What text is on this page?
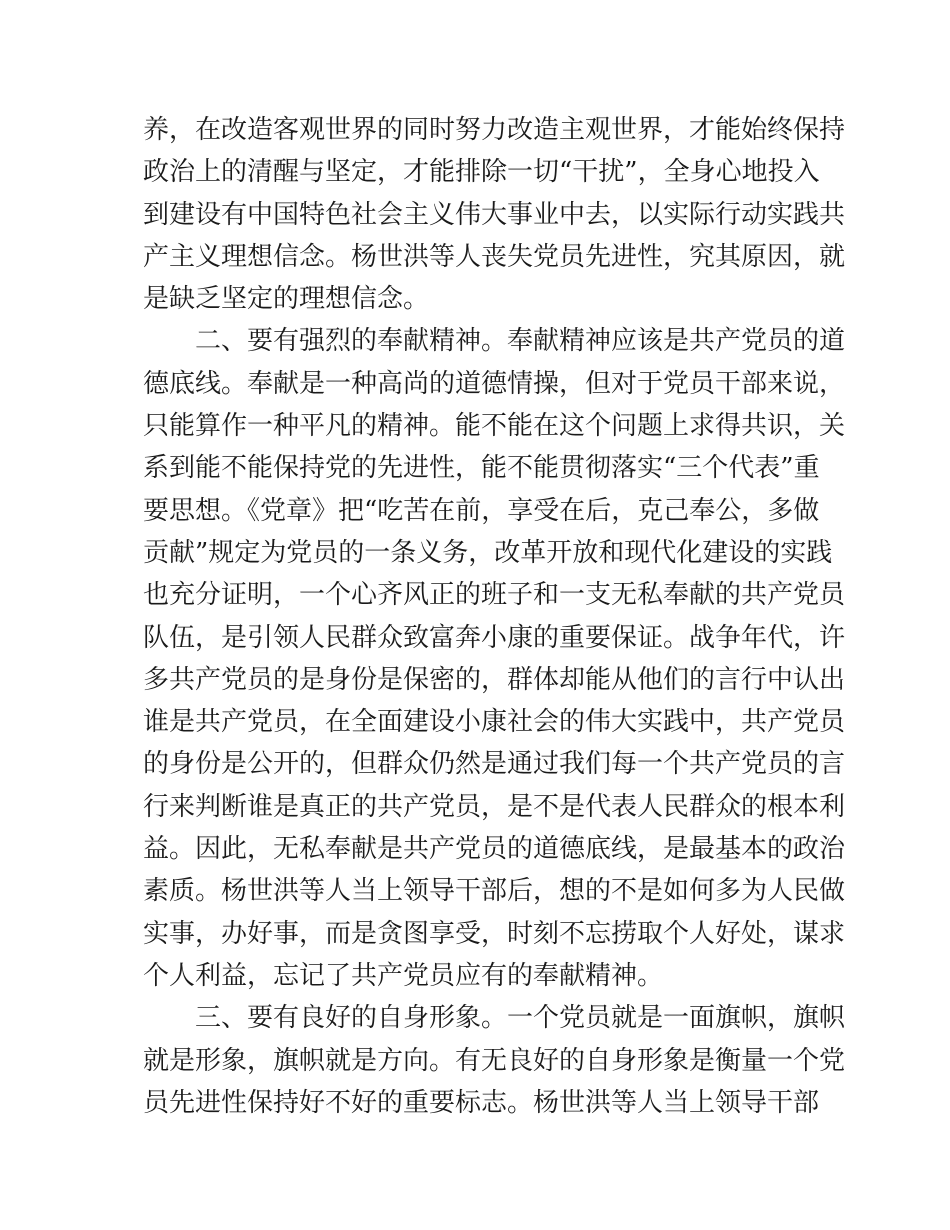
养，在改造客观世界的同时努力改造主观世界，才能始终保持
政治上的清醒与坚定，才能排除一切“干扰”，全身心地投入
到建设有中国特色社会主义伟大事业中去，以实际行动实践共
产主义理想信念。杨世洪等人丧失党员先进性，究其原因，就
是缺乏坚定的理想信念。
　　二、要有强烈的奉献精神。奉献精神应该是共产党员的道
德底线。奉献是一种高尚的道德情操，但对于党员干部来说，
只能算作一种平凡的精神。能不能在这个问题上求得共识，关
系到能不能保持党的先进性，能不能贯彻落实“三个代表”重
要思想。《党章》把“吃苦在前，享受在后，克己奉公，多做
贡献”规定为党员的一条义务，改革开放和现代化建设的实践
也充分证明，一个心齐风正的班子和一支无私奉献的共产党员
队伍，是引领人民群众致富奔小康的重要保证。战争年代，许
多共产党员的是身份是保密的，群体却能从他们的言行中认出
谁是共产党员，在全面建设小康社会的伟大实践中，共产党员
的身份是公开的，但群众仍然是通过我们每一个共产党员的言
行来判断谁是真正的共产党员，是不是代表人民群众的根本利
益。因此，无私奉献是共产党员的道德底线，是最基本的政治
素质。杨世洪等人当上领导干部后，想的不是如何多为人民做
实事，办好事，而是贪图享受，时刻不忘捞取个人好处，谋求
个人利益，忘记了共产党员应有的奉献精神。
　　三、要有良好的自身形象。一个党员就是一面旗帜，旗帜
就是形象，旗帜就是方向。有无良好的自身形象是衡量一个党
员先进性保持好不好的重要标志。杨世洪等人当上领导干部
